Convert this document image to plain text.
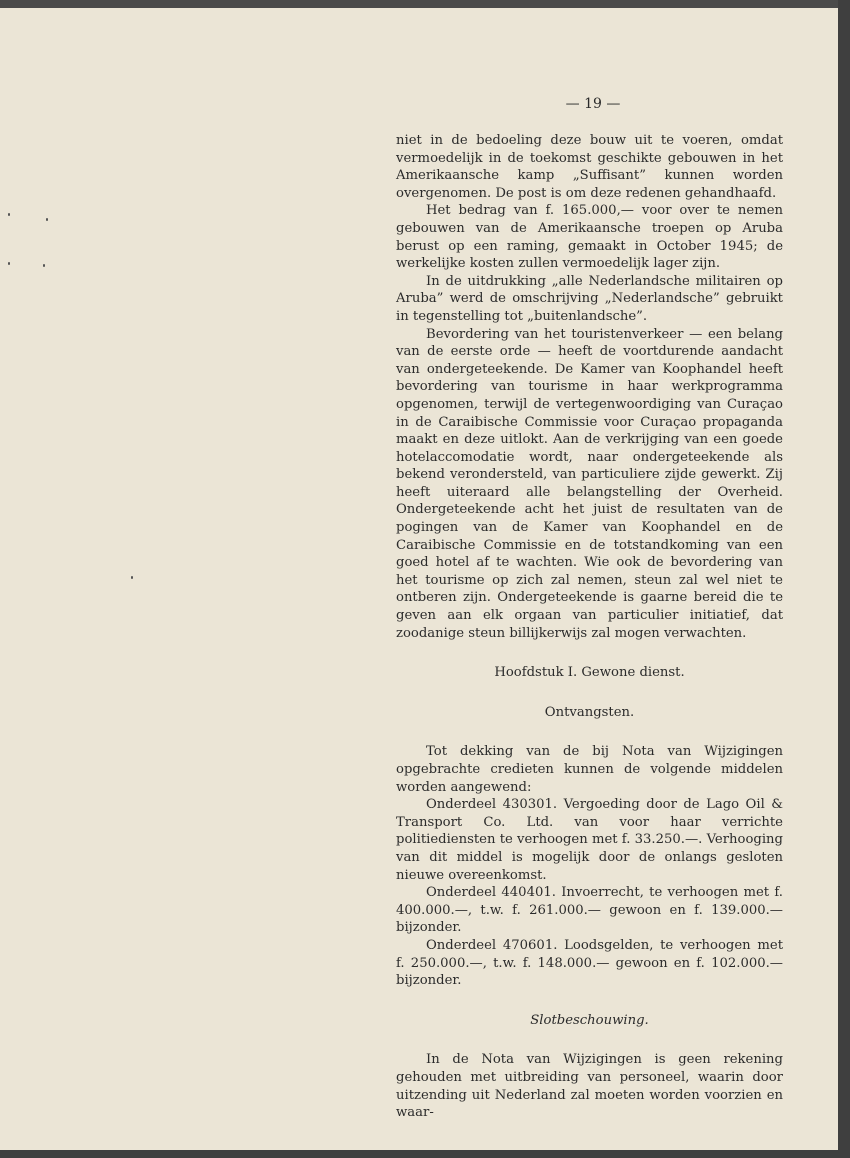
— 19 —

niet in de bedoeling deze bouw uit te voeren, omdat vermoedelijk in de toekomst geschikte gebouwen in het Amerikaansche kamp „Suffisant” kunnen worden overgenomen. De post is om deze redenen gehandhaafd.

Het bedrag van f. 165.000,— voor over te nemen gebouwen van de Amerikaansche troepen op Aruba berust op een raming, gemaakt in October 1945; de werkelijke kosten zullen vermoedelijk lager zijn.

In de uitdrukking „alle Nederlandsche militairen op Aruba” werd de omschrijving „Nederlandsche” gebruikt in tegenstelling tot „buitenlandsche”.

Bevordering van het touristenverkeer — een belang van de eerste orde — heeft de voortdurende aandacht van ondergeteekende. De Kamer van Koophandel heeft bevordering van tourisme in haar werkprogramma opgenomen, terwijl de vertegenwoordiging van Curaçao in de Caraibische Commissie voor Curaçao propaganda maakt en deze uitlokt. Aan de verkrijging van een goede hotelaccomodatie wordt, naar ondergeteekende als bekend verondersteld, van particuliere zijde gewerkt. Zij heeft uiteraard alle belangstelling der Overheid. Ondergeteekende acht het juist de resultaten van de pogingen van de Kamer van Koophandel en de Caraibische Commissie en de totstandkoming van een goed hotel af te wachten. Wie ook de bevordering van het tourisme op zich zal nemen, steun zal wel niet te ontberen zijn. Ondergeteekende is gaarne bereid die te geven aan elk orgaan van particulier initiatief, dat zoodanige steun billijkerwijs zal mogen verwachten.

Hoofdstuk I. Gewone dienst.

Ontvangsten.

Tot dekking van de bij Nota van Wijzigingen opgebrachte credieten kunnen de volgende middelen worden aangewend:

Onderdeel 430301. Vergoeding door de Lago Oil & Transport Co. Ltd. van voor haar verrichte politiediensten te verhoogen met f. 33.250.—. Verhooging van dit middel is mogelijk door de onlangs gesloten nieuwe overeenkomst.

Onderdeel 440401. Invoerrecht, te verhoogen met f. 400.000.—, t.w. f. 261.000.— gewoon en f. 139.000.— bijzonder.

Onderdeel 470601. Loodsgelden, te verhoogen met f. 250.000.—, t.w. f. 148.000.— gewoon en f. 102.000.— bijzonder.

Slotbeschouwing.

In de Nota van Wijzigingen is geen rekening gehouden met uitbreiding van personeel, waarin door uitzending uit Nederland zal moeten worden voorzien en waar-
